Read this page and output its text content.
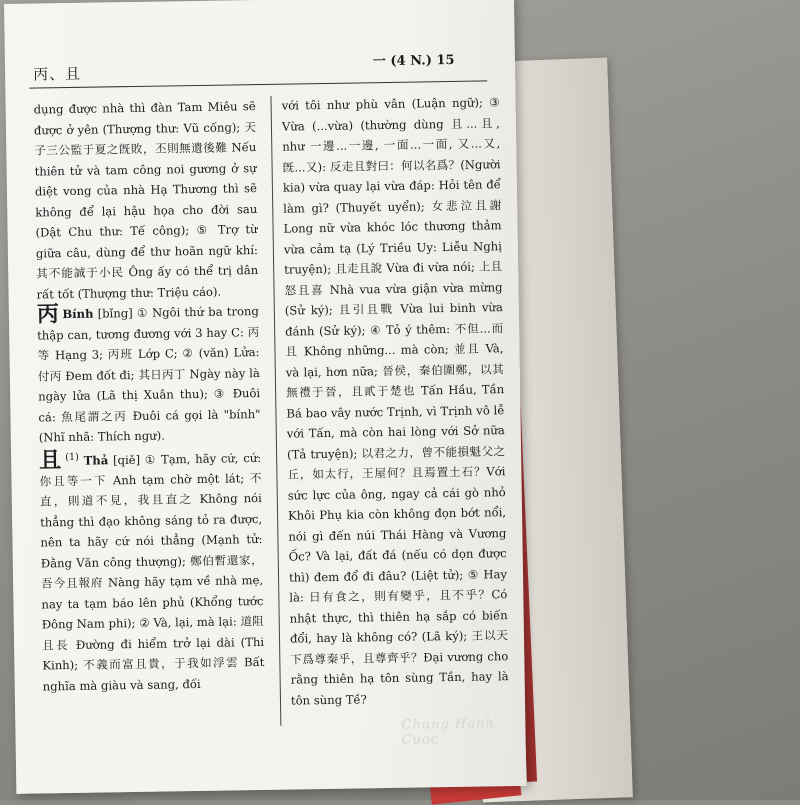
丙、且
一 (4 N.) 15

dụng được nhà thì đàn Tam Miêu sẽ được ở yên (Thượng thư: Vũ cống); 天子三公監于夏之旣敗，丕則無遺後難 Nếu thiên tử và tam công noi gương ở sự diệt vong của nhà Hạ Thương thì sẽ không để lại hậu họa cho đời sau (Dật Chu thư: Tế công); ⑤ Trợ từ giữa câu, dùng để thư hoãn ngữ khí: 其不能誠于小民 Ông ấy có thể trị dân rất tốt (Thượng thư: Triệu cáo).

丙 Bính [bǐng] ① Ngôi thứ ba trong thập can, tương đương với 3 hay C: 丙等 Hạng 3; 丙班 Lớp C; ② (văn) Lửa: 付丙 Đem đốt đi; 其日丙丁 Ngày này là ngày lửa (Lã thị Xuân thu); ③ Đuôi cá: 魚尾謂之丙 Đuôi cá gọi là "bính" (Nhĩ nhã: Thích ngư).

且 $^{(1)}$ Thả [qiě] ① Tạm, hãy cứ, cứ: 你且等一下 Anh tạm chờ một lát; 不直，則道不見，我且直之 Không nói thẳng thì đạo không sáng tỏ ra được, nên ta hãy cứ nói thẳng (Mạnh tử: Đằng Văn công thượng); 鄭伯暫還家，吾今且報府 Nàng hãy tạm về nhà mẹ, nay ta tạm báo lên phủ (Khổng tước Đông Nam phi); ② Và, lại, mà lại: 道阻且長 Đường đi hiểm trở lại dài (Thi Kinh); 不義而富且貴，于我如浮雲 Bất nghĩa mà giàu và sang, đối

với tôi như phù vân (Luận ngữ); ③ Vừa (...vừa) (thường dùng 且...且, như 一邊...一邊, 一面...一面, 又...又, 旣...又): 反走且對曰：何以名爲？(Người kia) vừa quay lại vừa đáp: Hỏi tên để làm gì? (Thuyết uyển); 女悲泣且謝 Long nữ vừa khóc lóc thương thảm vừa cảm tạ (Lý Triều Uy: Liễu Nghị truyện); 且走且說 Vừa đi vừa nói; 上且怒且喜 Nhà vua vừa giận vừa mừng (Sử ký); 且引且戰 Vừa lui binh vừa đánh (Sử ký); ④ Tỏ ý thêm: 不但...而且 Không những... mà còn; 並且 Và, và lại, hơn nữa; 晉侯，秦伯圍鄭，以其無禮于晉，且貳于楚也 Tấn Hầu, Tần Bá bao vây nước Trịnh, vì Trịnh vô lễ với Tấn, mà còn hai lòng với Sở nữa (Tả truyện); 以君之力，曾不能損魁父之丘，如太行，王屋何？且焉置土石？Với sức lực của ông, ngay cả cái gò nhỏ Khôi Phụ kia còn không đọn bớt nổi, nói gì đến núi Thái Hàng và Vương Ốc? Và lại, đất đá (nếu có dọn được thì) đem đổ đi đâu? (Liệt tử); ⑤ Hay là: 日有食之，則有變乎，且不乎？Có nhật thực, thì thiên hạ sắp có biến đổi, hay là không có? (Lã ký); 王以天下爲尊秦乎，且尊齊乎？Đại vương cho rằng thiên hạ tôn sùng Tần, hay là tôn sùng Tề?

Chung Hanh Cuoc
